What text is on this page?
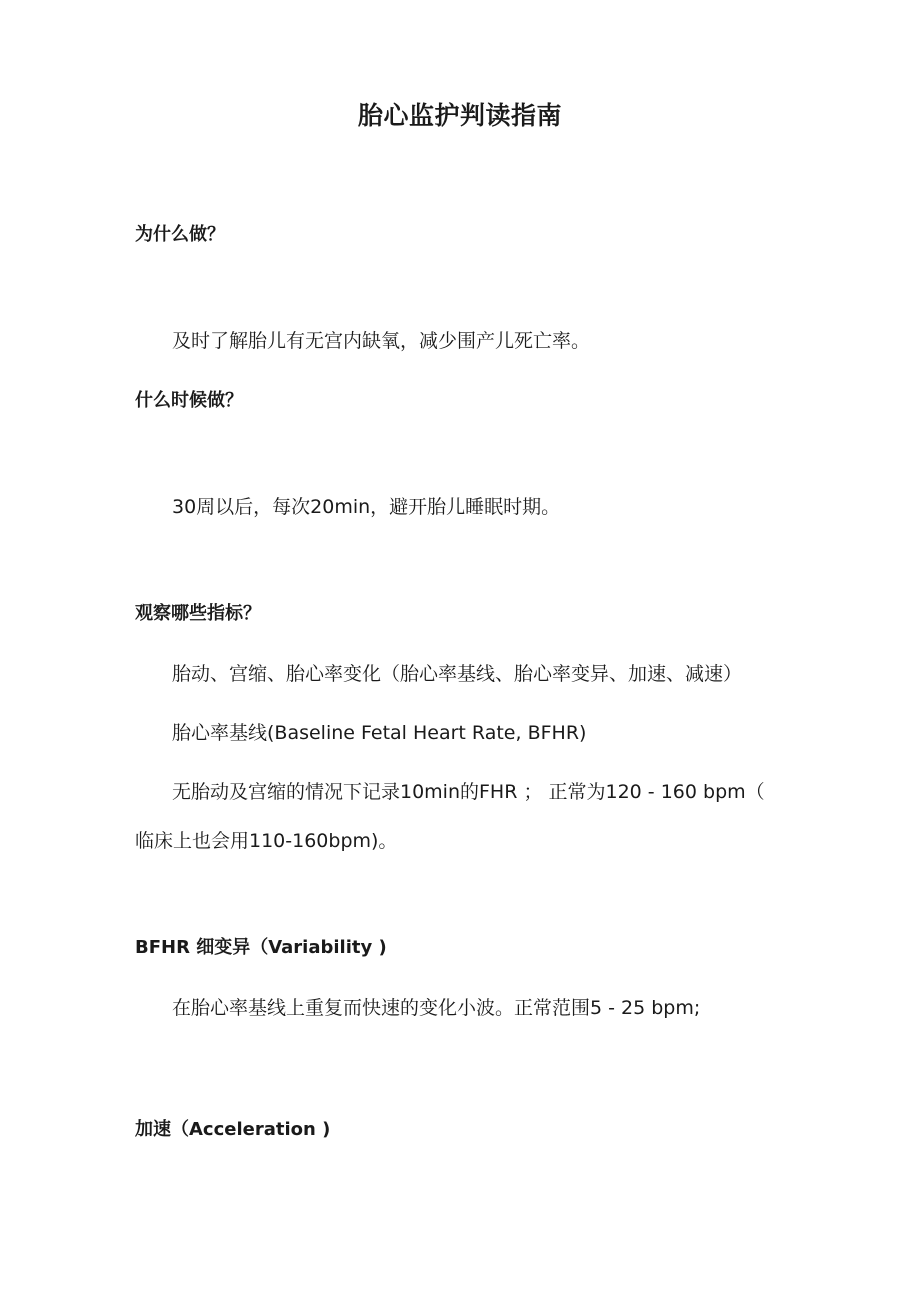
胎心监护判读指南
为什么做？
及时了解胎儿有无宫内缺氧，减少围产儿死亡率。
什么时候做？
30周以后，每次20min，避开胎儿睡眠时期。
观察哪些指标？
胎动、宫缩、胎心率变化（胎心率基线、胎心率变异、加速、减速）
胎心率基线(Baseline Fetal Heart Rate, BFHR)
无胎动及宫缩的情况下记录10min的FHR ； 正常为120 - 160 bpm（
临床上也会用110-160bpm)。
BFHR 细变异（Variability )
在胎心率基线上重复而快速的变化小波。正常范围5 - 25 bpm;
加速（Acceleration )
